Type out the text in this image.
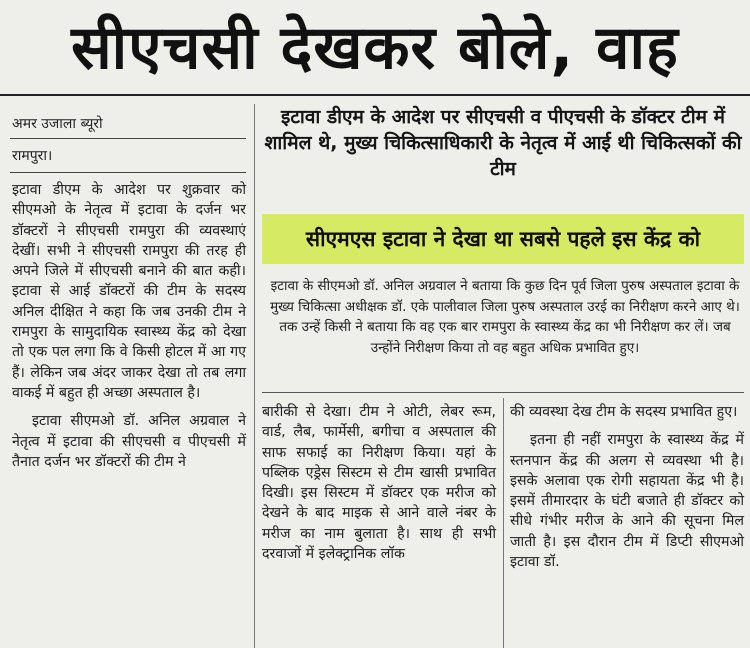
सीएचसी देखकर बोले, वाह
अमर उजाला ब्यूरो
रामपुरा।

इटावा डीएम के आदेश पर शुक्रवार को सीएमओ के नेतृत्व में इटावा के दर्जन भर डॉक्टरों ने सीएचसी रामपुरा की व्यवस्थाएं देखीं। सभी ने सीएचसी रामपुरा की तरह ही अपने जिले में सीएचसी बनाने की बात कही। इटावा से आई डॉक्टरों की टीम के सदस्य अनिल दीक्षित ने कहा कि जब उनकी टीम ने रामपुरा के सामुदायिक स्वास्थ्य केंद्र को देखा तो एक पल लगा कि वे किसी होटल में आ गए हैं। लेकिन जब अंदर जाकर देखा तो तब लगा वाकई में बहुत ही अच्छा अस्पताल है।

इटावा सीएमओ डॉ. अनिल अग्रवाल ने नेतृत्व में इटावा की सीएचसी व पीएचसी में तैनात दर्जन भर डॉक्टरों की टीम ने

इटावा डीएम के आदेश पर सीएचसी व पीएचसी के डॉक्टर टीम में शामिल थे, मुख्य चिकित्साधिकारी के नेतृत्व में आई थी चिकित्सकों की टीम
सीएमएस इटावा ने देखा था सबसे पहले इस केंद्र को
इटावा के सीएमओ डॉ. अनिल अग्रवाल ने बताया कि कुछ दिन पूर्व जिला पुरुष अस्पताल इटावा के मुख्य चिकित्सा अधीक्षक डॉ. एके पालीवाल जिला पुरुष अस्पताल उरई का निरीक्षण करने आए थे। तक उन्हें किसी ने बताया कि वह एक बार रामपुरा के स्वास्थ्य केंद्र का भी निरीक्षण कर लें। जब उन्होंने निरीक्षण किया तो वह बहुत अधिक प्रभावित हुए।

बारीकी से देखा। टीम ने ओटी, लेबर रूम, वार्ड, लैब, फार्मेसी, बगीचा व अस्पताल की साफ सफाई का निरीक्षण किया। यहां के पब्लिक एड्रेस सिस्टम से टीम खासी प्रभावित दिखी। इस सिस्टम में डॉक्टर एक मरीज को देखने के बाद माइक से आने वाले नंबर के मरीज का नाम बुलाता है। साथ ही सभी दरवाजों में इलेक्ट्रानिक लॉक

की व्यवस्था देख टीम के सदस्य प्रभावित हुए।

इतना ही नहीं रामपुरा के स्वास्थ्य केंद्र में स्तनपान केंद्र की अलग से व्यवस्था भी है। इसके अलावा एक रोगी सहायता केंद्र भी है। इसमें तीमारदार के घंटी बजाते ही डॉक्टर को सीधे गंभीर मरीज के आने की सूचना मिल जाती है। इस दौरान टीम में डिप्टी सीएमओ इटावा डॉ.
